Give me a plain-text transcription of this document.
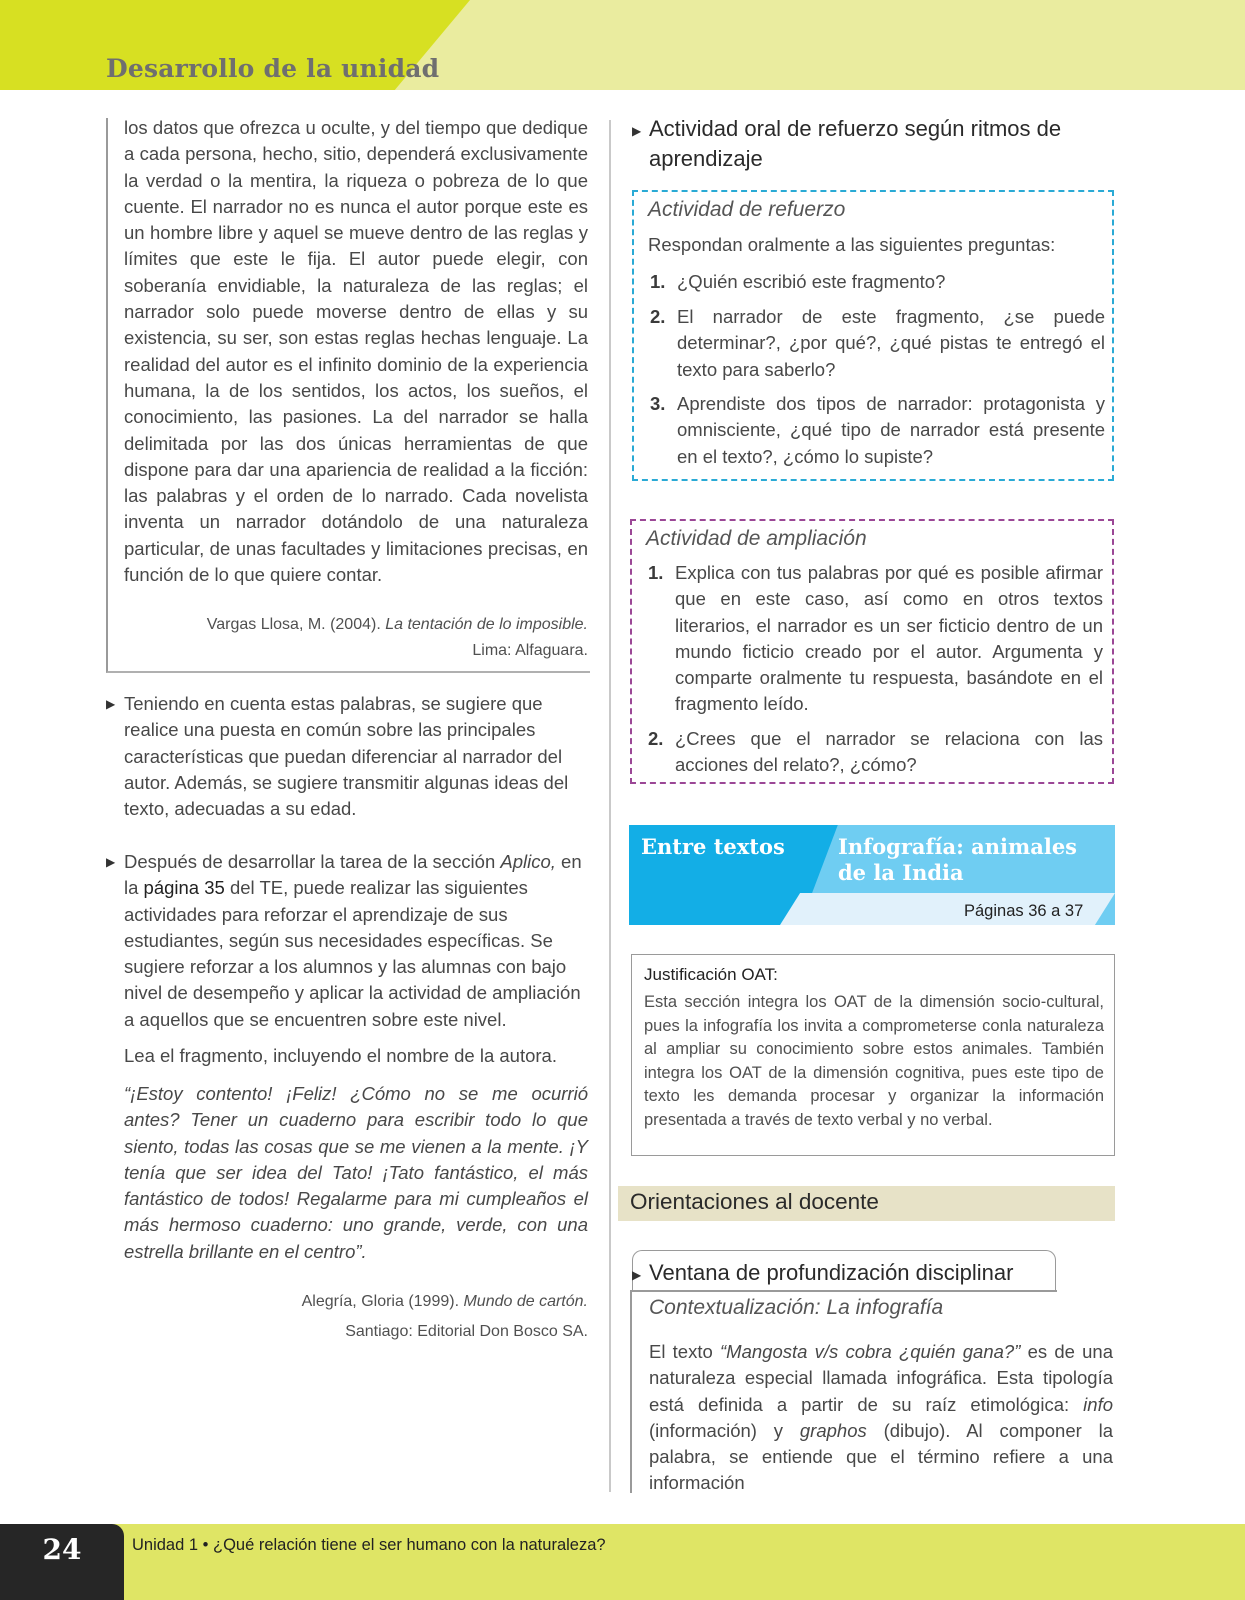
Desarrollo de la unidad
los datos que ofrezca u oculte, y del tiempo que dedique a cada persona, hecho, sitio, dependerá exclusivamente la verdad o la mentira, la riqueza o pobreza de lo que cuente. El narrador no es nunca el autor porque este es un hombre libre y aquel se mueve dentro de las reglas y límites que este le fija. El autor puede elegir, con soberanía envidiable, la naturaleza de las reglas; el narrador solo puede moverse dentro de ellas y su existencia, su ser, son estas reglas hechas lenguaje. La realidad del autor es el infinito dominio de la experiencia humana, la de los sentidos, los actos, los sueños, el conocimiento, las pasiones. La del narrador se halla delimitada por las dos únicas herramientas de que dispone para dar una apariencia de realidad a la ficción: las palabras y el orden de lo narrado. Cada novelista inventa un narrador dotándolo de una naturaleza particular, de unas facultades y limitaciones precisas, en función de lo que quiere contar.
Vargas Llosa, M. (2004). La tentación de lo imposible.
Lima: Alfaguara.
▶ Teniendo en cuenta estas palabras, se sugiere que realice una puesta en común sobre las principales características que puedan diferenciar al narrador del autor. Además, se sugiere transmitir algunas ideas del texto, adecuadas a su edad.
▶ Después de desarrollar la tarea de la sección Aplico, en la página 35 del TE, puede realizar las siguientes actividades para reforzar el aprendizaje de sus estudiantes, según sus necesidades específicas. Se sugiere reforzar a los alumnos y las alumnas con bajo nivel de desempeño y aplicar la actividad de ampliación a aquellos que se encuentren sobre este nivel.
Lea el fragmento, incluyendo el nombre de la autora.
“¡Estoy contento! ¡Feliz! ¿Cómo no se me ocurrió antes? Tener un cuaderno para escribir todo lo que siento, todas las cosas que se me vienen a la mente. ¡Y tenía que ser idea del Tato! ¡Tato fantástico, el más fantástico de todos! Regalarme para mi cumpleaños el más hermoso cuaderno: uno grande, verde, con una estrella brillante en el centro”.
Alegría, Gloria (1999). Mundo de cartón.
Santiago: Editorial Don Bosco SA.
▶ Actividad oral de refuerzo según ritmos de aprendizaje
Actividad de refuerzo
Respondan oralmente a las siguientes preguntas:
1. ¿Quién escribió este fragmento?
2. El narrador de este fragmento, ¿se puede determinar?, ¿por qué?, ¿qué pistas te entregó el texto para saberlo?
3. Aprendiste dos tipos de narrador: protagonista y omnisciente, ¿qué tipo de narrador está presente en el texto?, ¿cómo lo supiste?
Actividad de ampliación
1. Explica con tus palabras por qué es posible afirmar que en este caso, así como en otros textos literarios, el narrador es un ser ficticio dentro de un mundo ficticio creado por el autor. Argumenta y comparte oralmente tu respuesta, basándote en el fragmento leído.
2. ¿Crees que el narrador se relaciona con las acciones del relato?, ¿cómo?
Entre textos	Infografía: animales de la India
Páginas 36 a 37
Justificación OAT:
Esta sección integra los OAT de la dimensión socio-cultural, pues la infografía los invita a comprometerse conla naturaleza al ampliar su conocimiento sobre estos animales. También integra los OAT de la dimensión cognitiva, pues este tipo de texto les demanda procesar y organizar la información presentada a través de texto verbal y no verbal.
Orientaciones al docente
▶ Ventana de profundización disciplinar
Contextualización: La infografía
El texto “Mangosta v/s cobra ¿quién gana?” es de una naturaleza especial llamada infográfica. Esta tipología está definida a partir de su raíz etimológica: info (información) y graphos (dibujo). Al componer la palabra, se entiende que el término refiere a una información
24	Unidad 1 • ¿Qué relación tiene el ser humano con la naturaleza?
